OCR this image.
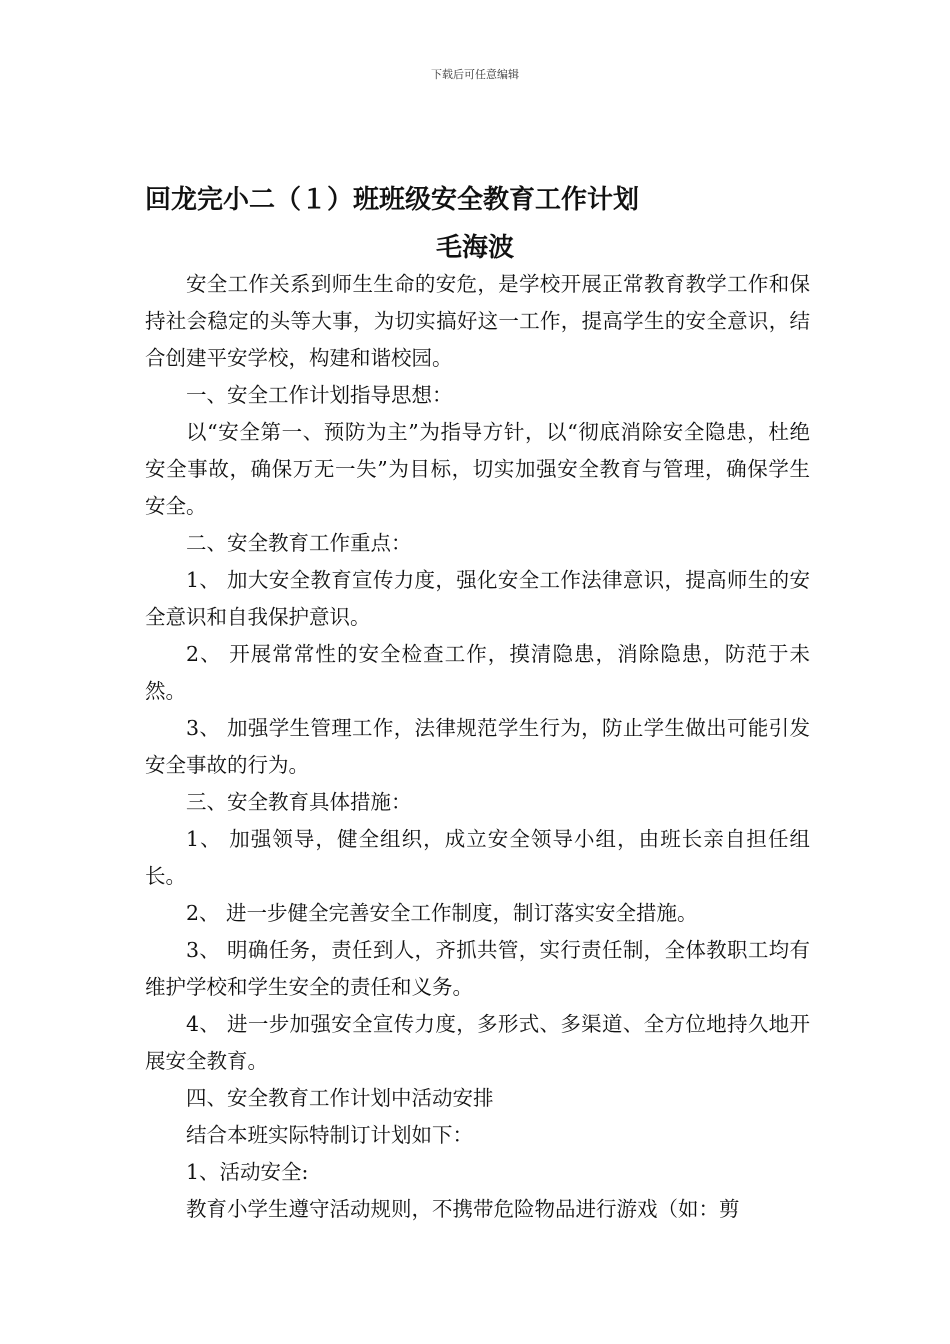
下载后可任意编辑
回龙完小二（１）班班级安全教育工作计划
毛海波

安全工作关系到师生生命的安危，是学校开展正常教育教学工作和保持社会稳定的头等大事，为切实搞好这一工作，提高学生的安全意识，结合创建平安学校，构建和谐校园。

一、安全工作计划指导思想：

以“安全第一、预防为主”为指导方针，以“彻底消除安全隐患，杜绝安全事故，确保万无一失”为目标，切实加强安全教育与管理，确保学生安全。

二、安全教育工作重点：

1、 加大安全教育宣传力度，强化安全工作法律意识，提高师生的安全意识和自我保护意识。

2、 开展常常性的安全检查工作，摸清隐患，消除隐患，防范于未然。

3、 加强学生管理工作，法律规范学生行为，防止学生做出可能引发安全事故的行为。

三、安全教育具体措施：

1、 加强领导，健全组织，成立安全领导小组，由班长亲自担任组长。

2、 进一步健全完善安全工作制度，制订落实安全措施。

3、 明确任务，责任到人，齐抓共管，实行责任制，全体教职工均有维护学校和学生安全的责任和义务。

4、 进一步加强安全宣传力度，多形式、多渠道、全方位地持久地开展安全教育。

四、安全教育工作计划中活动安排

结合本班实际特制订计划如下：

1、活动安全:

教育小学生遵守活动规则，不携带危险物品进行游戏（如：剪
